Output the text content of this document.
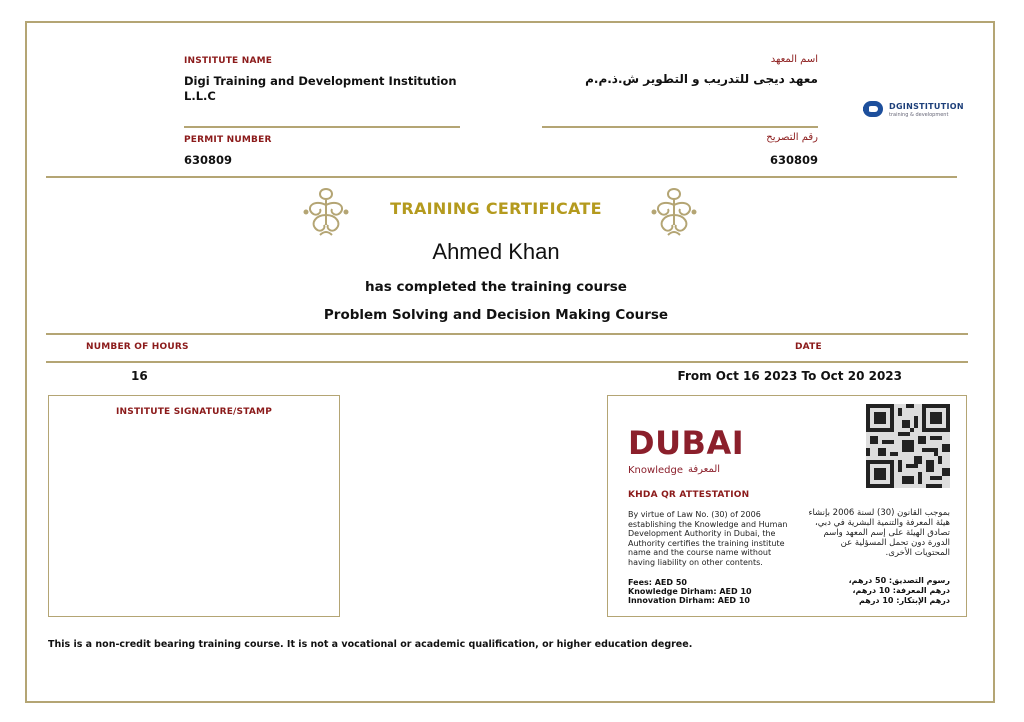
INSTITUTE NAME
Digi Training and Development Institution L.L.C
PERMIT NUMBER
630809
اسم المعهد
معهد ديجى للتدريب و التطوير ش.ذ.م.م
رقم التصريح
630809
DGINSTITUTION
training & development
TRAINING CERTIFICATE
Ahmed Khan
has completed the training course
Problem Solving and Decision Making Course
NUMBER OF HOURS	DATE
16	From Oct 16 2023 To Oct 20 2023
INSTITUTE SIGNATURE/STAMP
DUBAI
Knowledge المعرفة
KHDA QR ATTESTATION
By virtue of Law No. (30) of 2006 establishing the Knowledge and Human Development Authority in Dubai, the Authority certifies the training institute name and the course name without having liability on other contents.
Fees: AED 50
Knowledge Dirham: AED 10
Innovation Dirham: AED 10
بموجب القانون (30) لسنة 2006 بإنشاء هيئة المعرفة والتنمية البشرية في دبي، تصادق الهيئة على إسم المعهد واسم الدورة دون تحمل المسؤلية عن المحتويات الأخرى.
رسوم التصديق: 50 درهم،
درهم المعرفة: 10 درهم،
درهم الإبتكار: 10 درهم
This is a non-credit bearing training course. It is not a vocational or academic qualification, or higher education degree.
